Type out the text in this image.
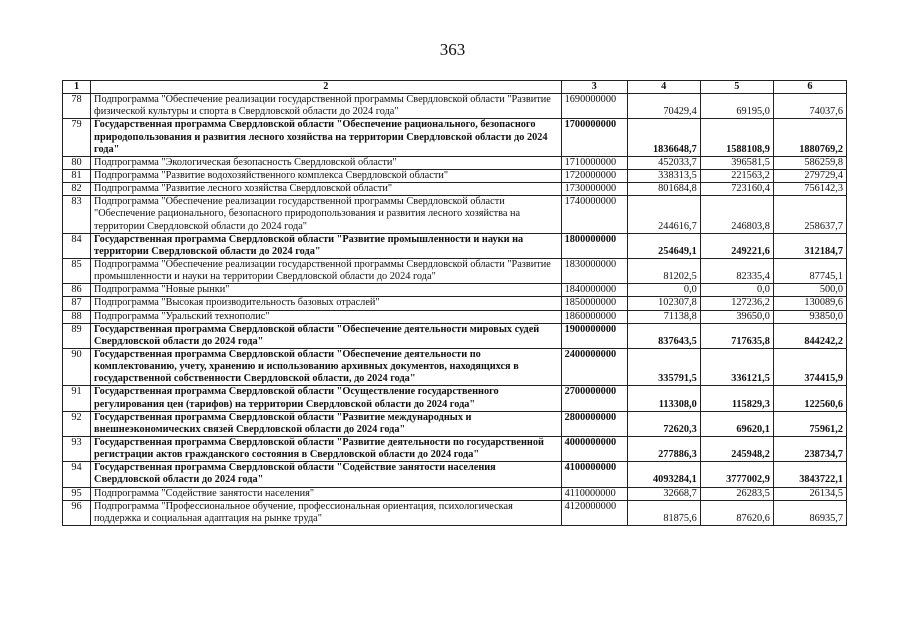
363
1	2	3	4	5	6
78	Подпрограмма "Обеспечение реализации государственной программы Свердловской области "Развитие физической культуры и спорта в Свердловской области до 2024 года"	1690000000	70429,4	69195,0	74037,6
79	Государственная программа Свердловской области "Обеспечение рационального, безопасного природопользования и развития лесного хозяйства на территории Свердловской области до 2024 года"	1700000000	1836648,7	1588108,9	1880769,2
80	Подпрограмма "Экологическая безопасность Свердловской области"	1710000000	452033,7	396581,5	586259,8
81	Подпрограмма "Развитие водохозяйственного комплекса Свердловской области"	1720000000	338313,5	221563,2	279729,4
82	Подпрограмма "Развитие лесного хозяйства Свердловской области"	1730000000	801684,8	723160,4	756142,3
83	Подпрограмма "Обеспечение реализации государственной программы Свердловской области "Обеспечение рационального, безопасного природопользования и развития лесного хозяйства на территории Свердловской области до 2024 года"	1740000000	244616,7	246803,8	258637,7
84	Государственная программа Свердловской области "Развитие промышленности и науки на территории Свердловской области до 2024 года"	1800000000	254649,1	249221,6	312184,7
85	Подпрограмма "Обеспечение реализации государственной программы Свердловской области "Развитие промышленности и науки на территории Свердловской области до 2024 года"	1830000000	81202,5	82335,4	87745,1
86	Подпрограмма "Новые рынки"	1840000000	0,0	0,0	500,0
87	Подпрограмма "Высокая производительность базовых отраслей"	1850000000	102307,8	127236,2	130089,6
88	Подпрограмма "Уральский технополис"	1860000000	71138,8	39650,0	93850,0
89	Государственная программа Свердловской области "Обеспечение деятельности мировых судей Свердловской области до 2024 года"	1900000000	837643,5	717635,8	844242,2
90	Государственная программа Свердловской области "Обеспечение деятельности по комплектованию, учету, хранению и использованию архивных документов, находящихся в государственной собственности Свердловской области, до 2024 года"	2400000000	335791,5	336121,5	374415,9
91	Государственная программа Свердловской области "Осуществление государственного регулирования цен (тарифов) на территории Свердловской области до 2024 года"	2700000000	113308,0	115829,3	122560,6
92	Государственная программа Свердловской области "Развитие международных и внешнеэкономических связей Свердловской области до 2024 года"	2800000000	72620,3	69620,1	75961,2
93	Государственная программа Свердловской области "Развитие деятельности по государственной регистрации актов гражданского состояния в Свердловской области до 2024 года"	4000000000	277886,3	245948,2	238734,7
94	Государственная программа Свердловской области "Содействие занятости населения Свердловской области до 2024 года"	4100000000	4093284,1	3777002,9	3843722,1
95	Подпрограмма "Содействие занятости населения"	4110000000	32668,7	26283,5	26134,5
96	Подпрограмма "Профессиональное обучение, профессиональная ориентация, психологическая поддержка и социальная адаптация на рынке труда"	4120000000	81875,6	87620,6	86935,7
